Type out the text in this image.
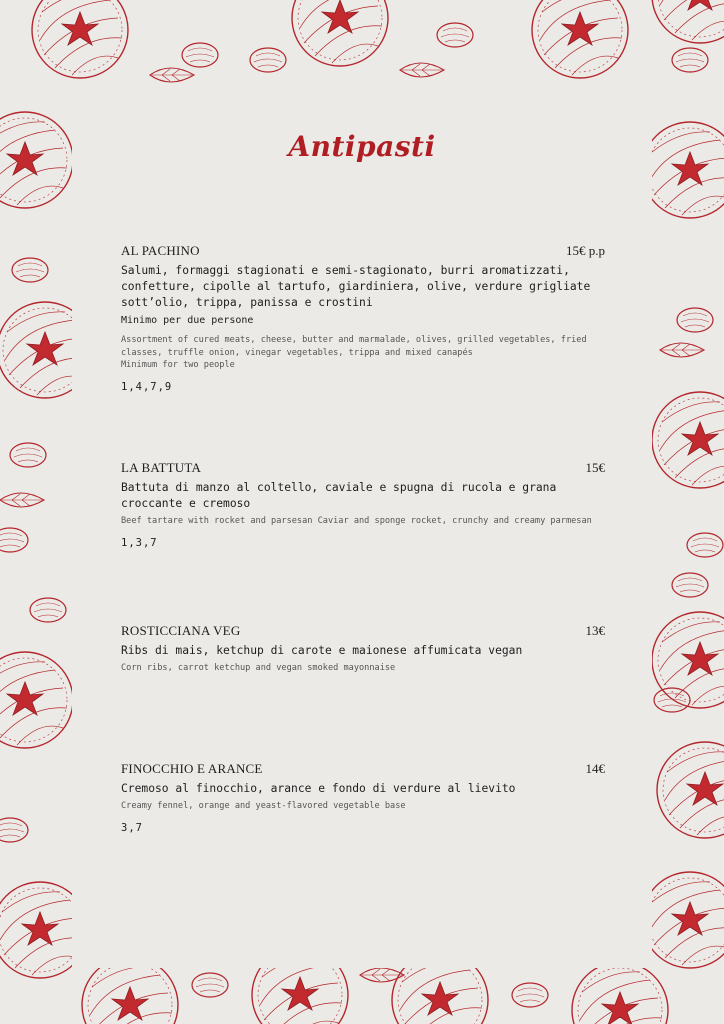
Antipasti
AL PACHINO	15€ p.p
Salumi, formaggi stagionati e semi-stagionato, burri aromatizzati, confetture, cipolle al tartufo, giardiniera, olive, verdure grigliate sott’olio, trippa, panissa e crostini
Minimo per due persone
Assortment of cured meats, cheese, butter and marmalade, olives, grilled vegetables, fried classes, truffle onion, vinegar vegetables, trippa and mixed canapés
Minimum for two people
1,4,7,9
LA BATTUTA	15€
Battuta di manzo al coltello, caviale e spugna di rucola e grana croccante e cremoso
Beef tartare with rocket and parsesan Caviar and sponge rocket, crunchy and creamy parmesan
1,3,7
ROSTICCIANA VEG	13€
Ribs di mais, ketchup di carote e maionese affumicata vegan
Corn ribs, carrot ketchup and vegan smoked mayonnaise
FINOCCHIO E ARANCE	14€
Cremoso al finocchio, arance e fondo di verdure al lievito
Creamy fennel, orange and yeast-flavored vegetable base
3,7
